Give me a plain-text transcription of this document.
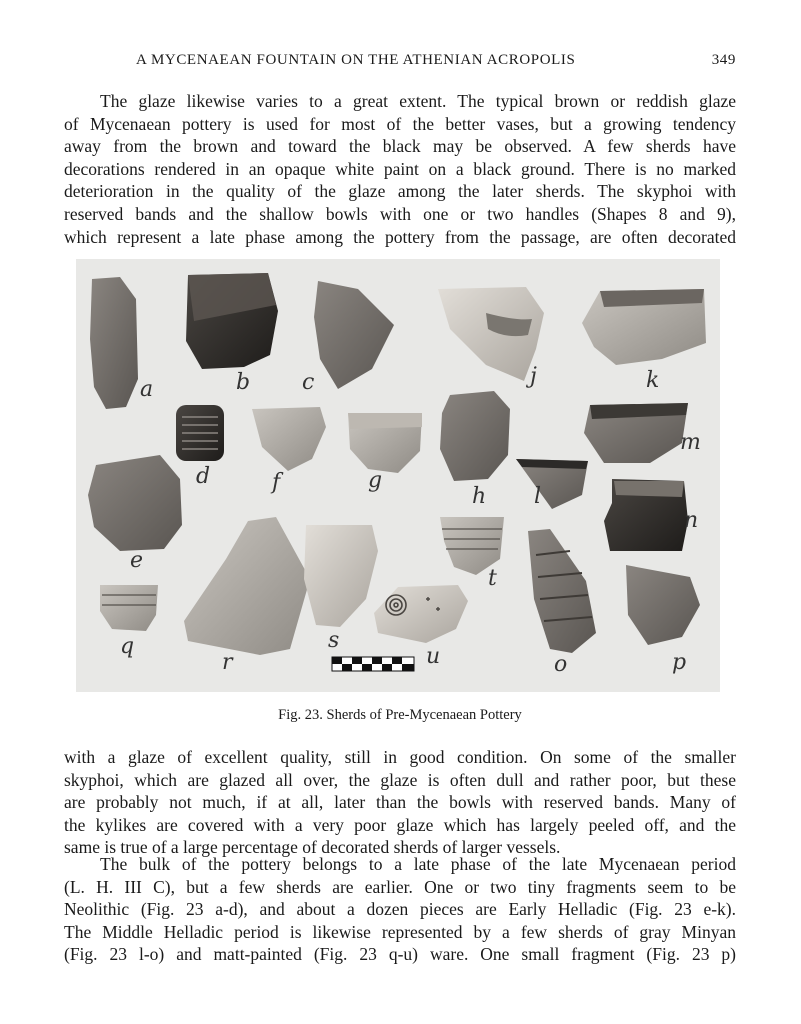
A MYCENAEAN FOUNTAIN ON THE ATHENIAN ACROPOLIS	349

The glaze likewise varies to a great extent. The typical brown or reddish glaze
of Mycenaean pottery is used for most of the better vases, but a growing tendency
away from the brown and toward the black may be observed. A few sherds have
decorations rendered in an opaque white paint on a black ground. There is no marked
deterioration in the quality of the glaze among the later sherds. The skyphoi with
reserved bands and the shallow bowls with one or two handles (Shapes 8 and 9),
which represent a late phase among the pottery from the passage, are often decorated

a	b c	j	k
d	f	g
h l
m
e
n
r
s
t
u	o	p
q
Fig. 23. Sherds of Pre-Mycenaean Pottery

with a glaze of excellent quality, still in good condition. On some of the smaller
skyphoi, which are glazed all over, the glaze is often dull and rather poor, but these
are probably not much, if at all, later than the bowls with reserved bands. Many of
the kylikes are covered with a very poor glaze which has largely peeled off, and the
same is true of a large percentage of decorated sherds of larger vessels.

The bulk of the pottery belongs to a late phase of the late Mycenaean period
(L. H. III C), but a few sherds are earlier. One or two tiny fragments seem to be
Neolithic (Fig. 23 a-d), and about a dozen pieces are Early Helladic (Fig. 23 e-k).
The Middle Helladic period is likewise represented by a few sherds of gray Minyan
(Fig. 23 l-o) and matt-painted (Fig. 23 q-u) ware. One small fragment (Fig. 23 p)
